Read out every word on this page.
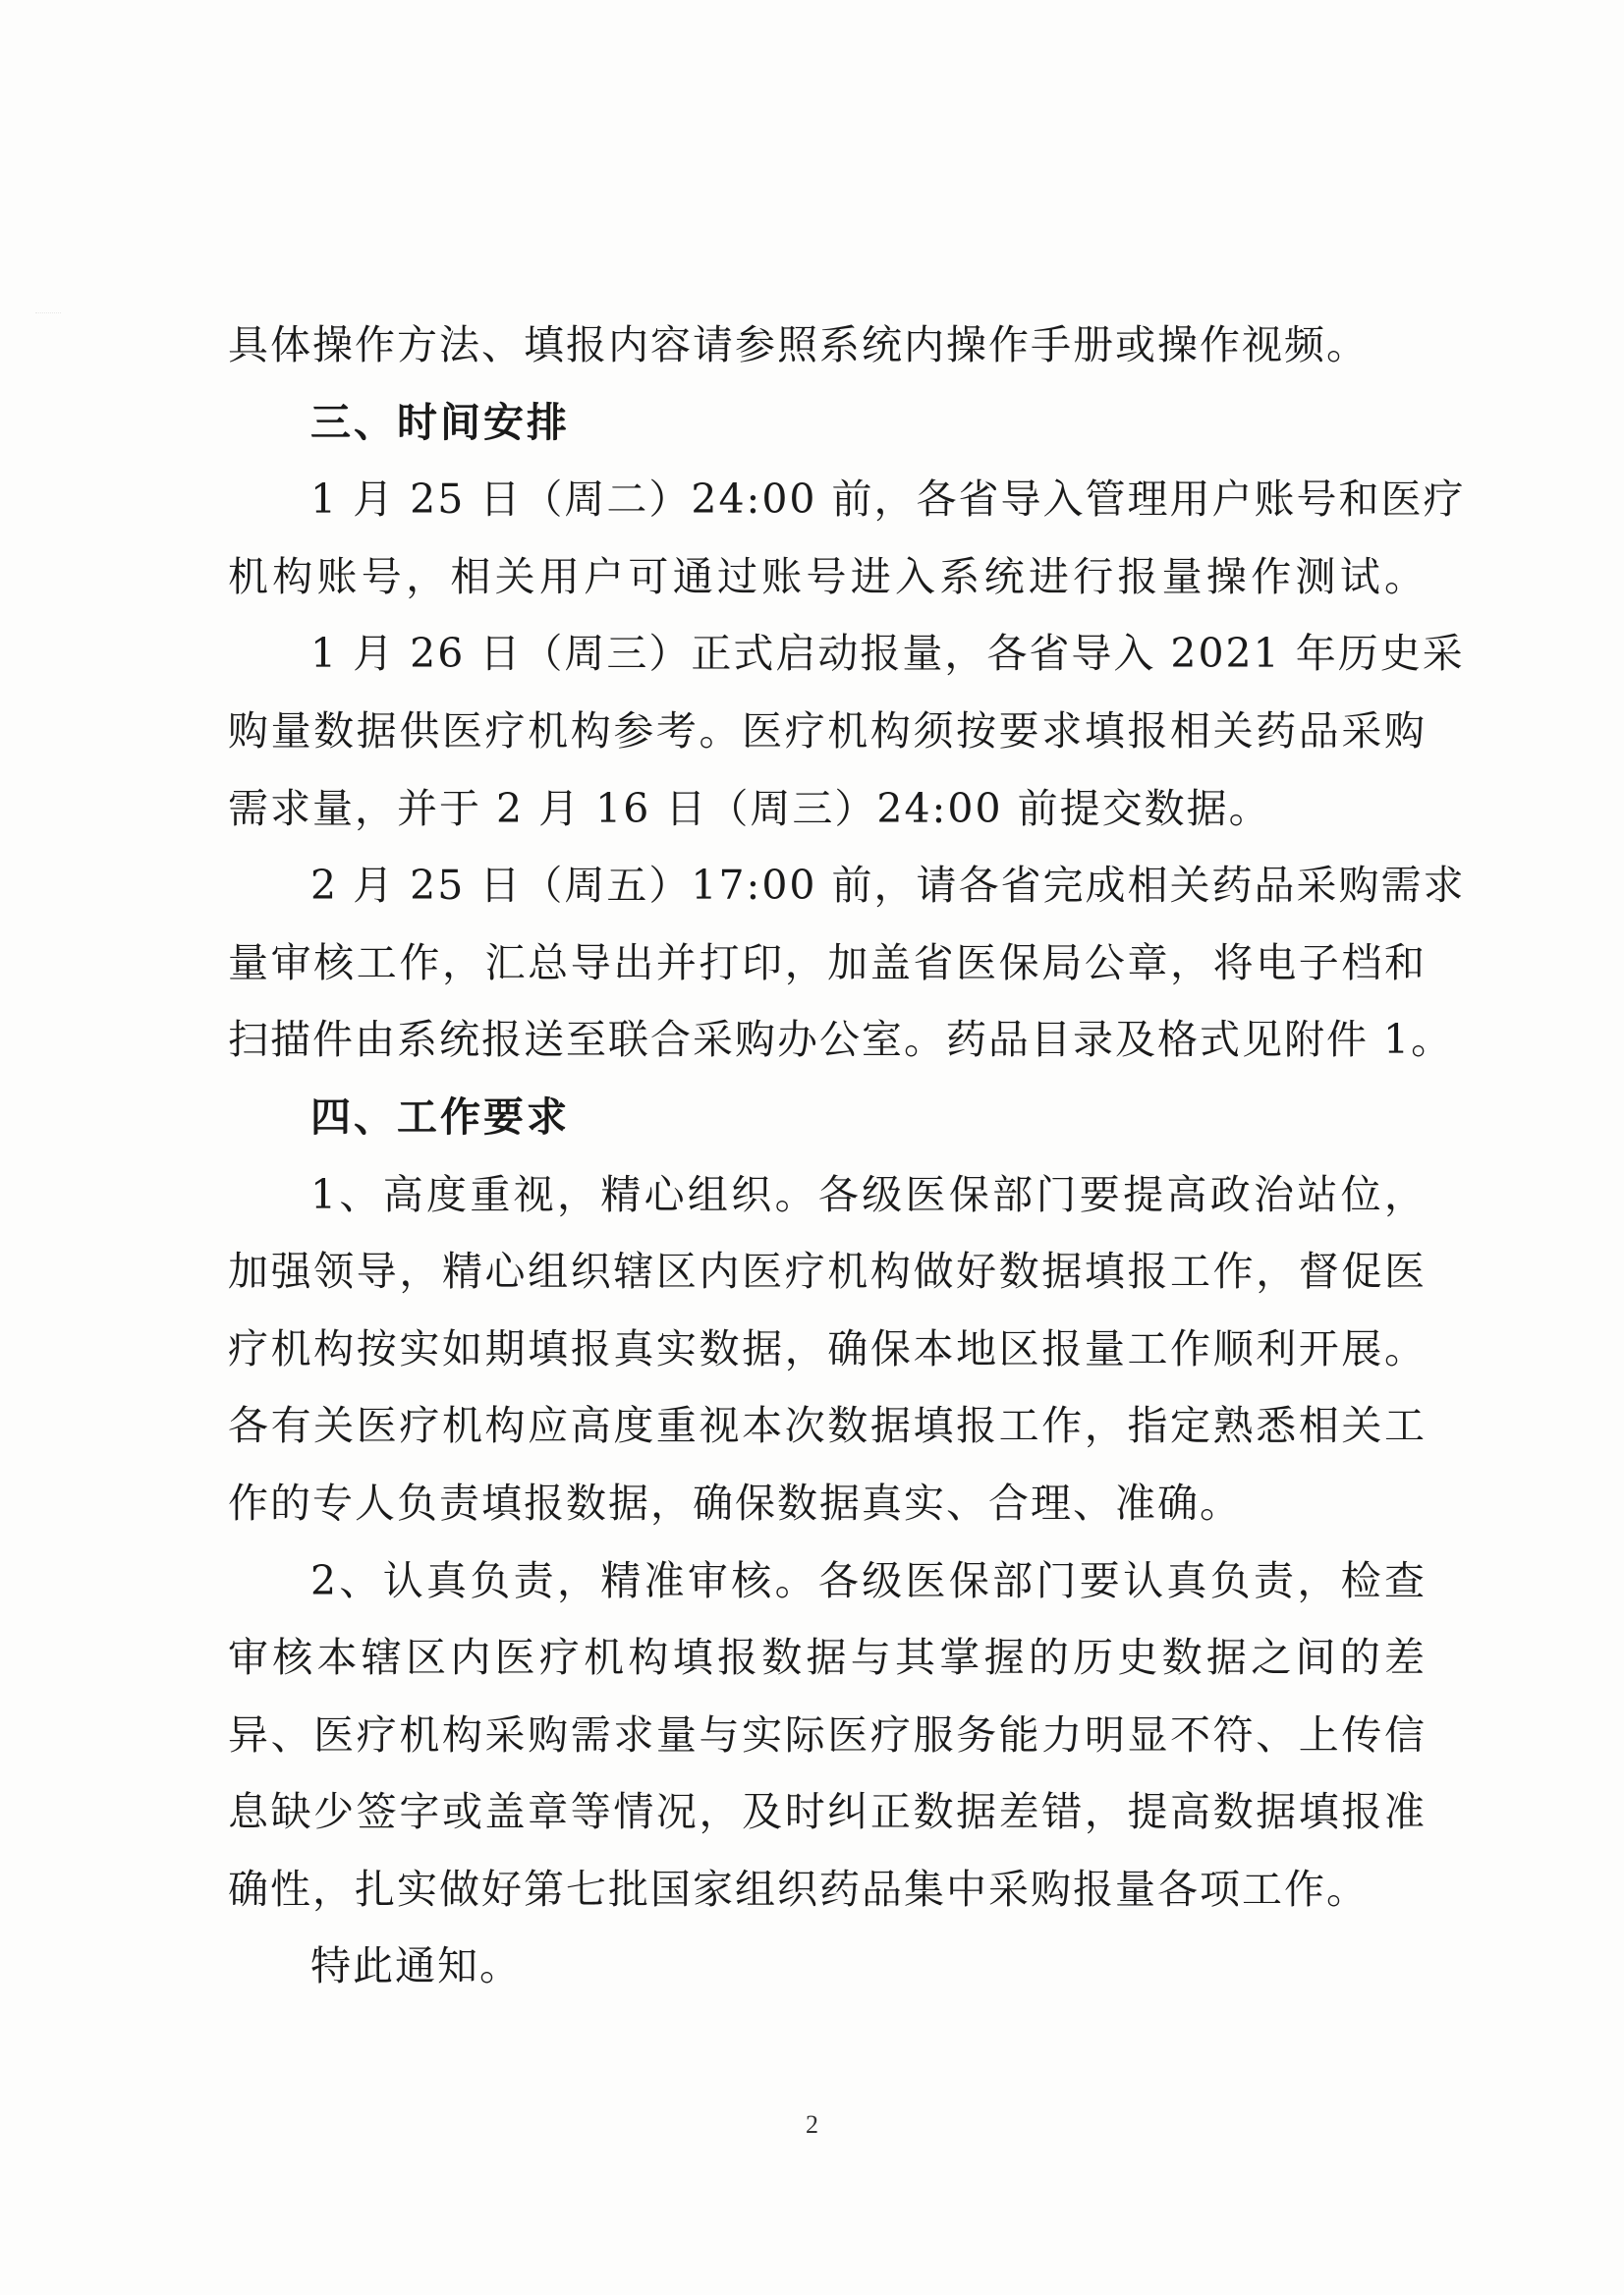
具体操作方法、填报内容请参照系统内操作手册或操作视频。
三、时间安排
1 月 25 日（周二）24:00 前，各省导入管理用户账号和医疗
机构账号，相关用户可通过账号进入系统进行报量操作测试。
1 月 26 日（周三）正式启动报量，各省导入 2021 年历史采
购量数据供医疗机构参考。医疗机构须按要求填报相关药品采购
需求量，并于 2 月 16 日（周三）24:00 前提交数据。
2 月 25 日（周五）17:00 前，请各省完成相关药品采购需求
量审核工作，汇总导出并打印，加盖省医保局公章，将电子档和
扫描件由系统报送至联合采购办公室。药品目录及格式见附件 1。
四、工作要求
1、高度重视，精心组织。各级医保部门要提高政治站位，
加强领导，精心组织辖区内医疗机构做好数据填报工作，督促医
疗机构按实如期填报真实数据，确保本地区报量工作顺利开展。
各有关医疗机构应高度重视本次数据填报工作，指定熟悉相关工
作的专人负责填报数据，确保数据真实、合理、准确。
2、认真负责，精准审核。各级医保部门要认真负责，检查
审核本辖区内医疗机构填报数据与其掌握的历史数据之间的差
异、医疗机构采购需求量与实际医疗服务能力明显不符、上传信
息缺少签字或盖章等情况，及时纠正数据差错，提高数据填报准
确性，扎实做好第七批国家组织药品集中采购报量各项工作。
特此通知。
2
